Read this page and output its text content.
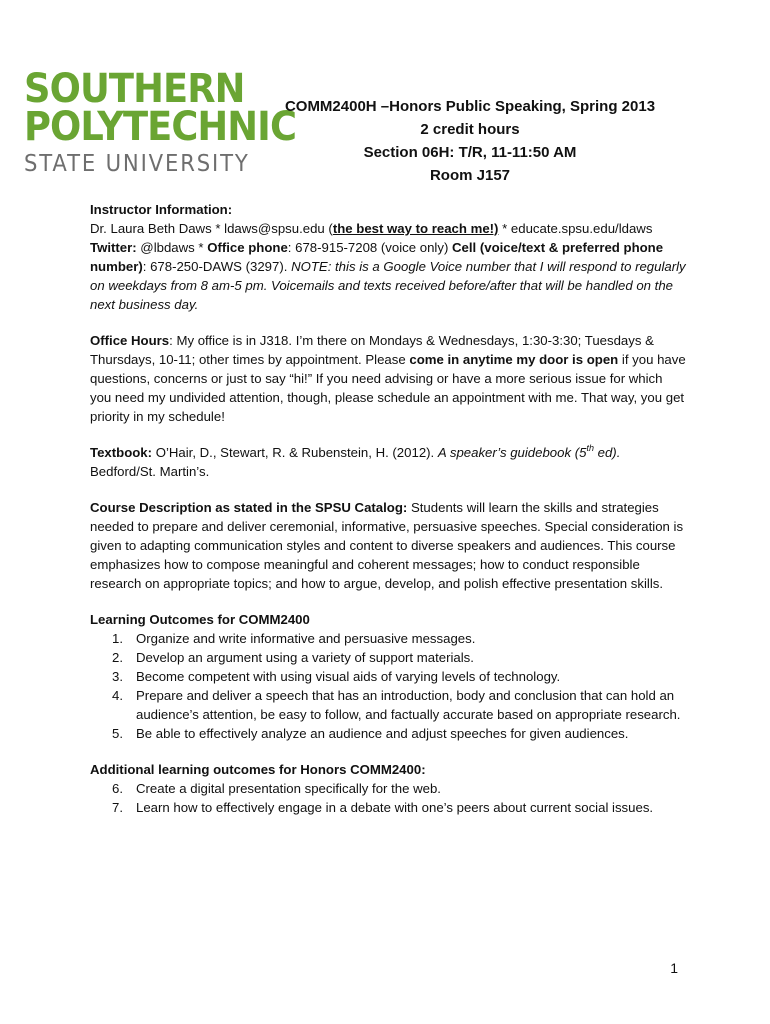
SOUTHERN
POLYTECHNIC
STATE UNIVERSITY
COMM2400H –Honors Public Speaking, Spring 2013
2 credit hours
Section 06H: T/R, 11-11:50 AM
Room J157

Instructor Information:
Dr. Laura Beth Daws * ldaws@spsu.edu (the best way to reach me!) * educate.spsu.edu/ldaws
Twitter: @lbdaws * Office phone: 678-915-7208 (voice only) Cell (voice/text & preferred phone number): 678-250-DAWS (3297). NOTE: this is a Google Voice number that I will respond to regularly on weekdays from 8 am-5 pm. Voicemails and texts received before/after that will be handled on the next business day.

Office Hours: My office is in J318. I’m there on Mondays & Wednesdays, 1:30-3:30; Tuesdays & Thursdays, 10-11; other times by appointment. Please come in anytime my door is open if you have questions, concerns or just to say “hi!” If you need advising or have a more serious issue for which you need my undivided attention, though, please schedule an appointment with me. That way, you get priority in my schedule!

Textbook: O’Hair, D., Stewart, R. & Rubenstein, H. (2012). A speaker’s guidebook (5th ed).
Bedford/St. Martin’s.

Course Description as stated in the SPSU Catalog: Students will learn the skills and strategies needed to prepare and deliver ceremonial, informative, persuasive speeches. Special consideration is given to adapting communication styles and content to diverse speakers and audiences. This course emphasizes how to compose meaningful and coherent messages; how to conduct responsible research on appropriate topics; and how to argue, develop, and polish effective presentation skills.

Learning Outcomes for COMM2400
1. Organize and write informative and persuasive messages.
2. Develop an argument using a variety of support materials.
3. Become competent with using visual aids of varying levels of technology.
4. Prepare and deliver a speech that has an introduction, body and conclusion that can hold an audience’s attention, be easy to follow, and factually accurate based on appropriate research.
5. Be able to effectively analyze an audience and adjust speeches for given audiences.
Additional learning outcomes for Honors COMM2400:
6. Create a digital presentation specifically for the web.
7. Learn how to effectively engage in a debate with one’s peers about current social issues.
1
